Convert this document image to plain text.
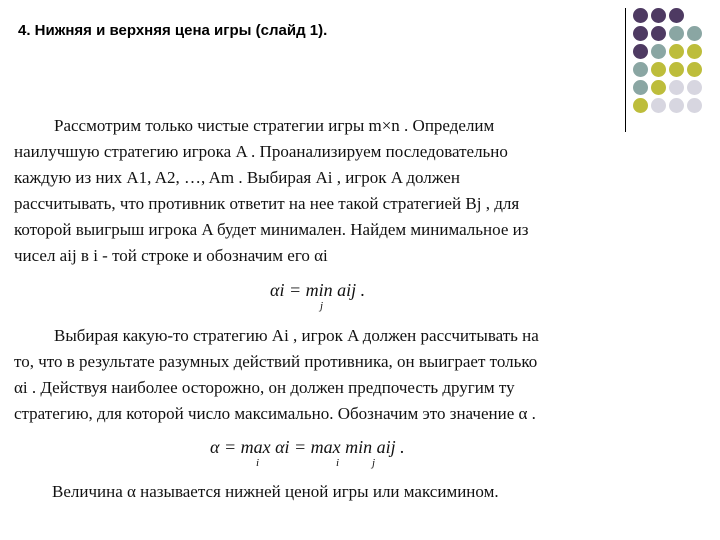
4. Нижняя и верхняя цена игры (слайд 1).
Рассмотрим только чистые стратегии игры m×n . Определим
наилучшую стратегию игрока A . Проанализируем последовательно
каждую из них A1, A2, …, Am . Выбирая Ai , игрок A должен
рассчитывать, что противник ответит на нее такой стратегией Bj , для
которой выигрыш игрока A будет минимален. Найдем минимальное из
чисел aij в i - той строке и обозначим его αi
αi = min aij .
j
Выбирая какую-то стратегию Ai , игрок A должен рассчитывать на
то, что в результате разумных действий противника, он выиграет только
αi . Действуя наиболее осторожно, он должен предпочесть другим ту
стратегию, для которой число максимально. Обозначим это значение α .
α = max αi = max min aij .
i	i	j
Величина α называется нижней ценой игры или максимином.
